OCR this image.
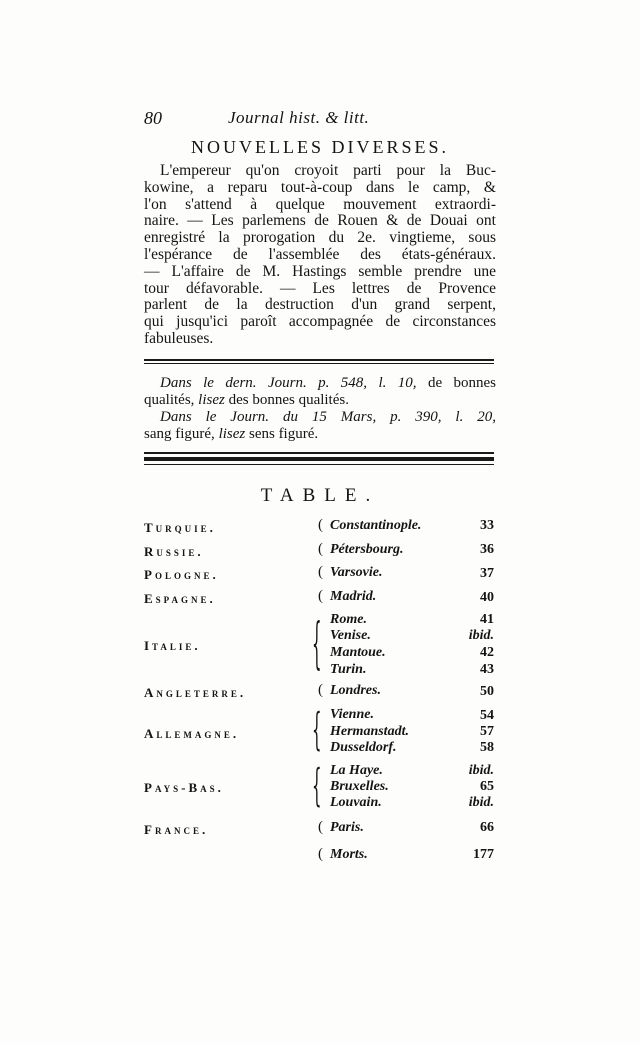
80	Journal hist. & litt.
NOUVELLES DIVERSES.
L'empereur qu'on croyoit parti pour la Buc-
kowine, a reparu tout-à-coup dans le camp, &
l'on s'attend à quelque mouvement extraordi-
naire. — Les parlemens de Rouen & de Douai ont
enregistré la prorogation du 2e. vingtieme, sous
l'espérance de l'assemblée des états-généraux.
— L'affaire de M. Hastings semble prendre une
tour défavorable. — Les lettres de Provence
parlent de la destruction d'un grand serpent,
qui jusqu'ici paroît accompagnée de circonstances
fabuleuses.
Dans le dern. Journ. p. 548, l. 10, de bonnes
qualités, lisez des bonnes qualités.
Dans le Journ. du 15 Mars, p. 390, l. 20,
sang figuré, lisez sens figuré.
TABLE.
Turquie.	( Constantinople.	33
Russie.	( Pétersbourg.	36
Pologne.	( Varsovie.	37
Espagne.	( Madrid.	40
Italie.	{ Rome.	41
Venise.	ibid.
Mantoue.	42
Turin.	43
Angleterre.	( Londres.	50
Allemagne.	{ Vienne.	54
Hermanstadt.	57
Dusseldorf.	58
Pays-Bas.	{ La Haye.	ibid.
Bruxelles.	65
Louvain.	ibid.
France.	( Paris.	66
( Morts.	177
